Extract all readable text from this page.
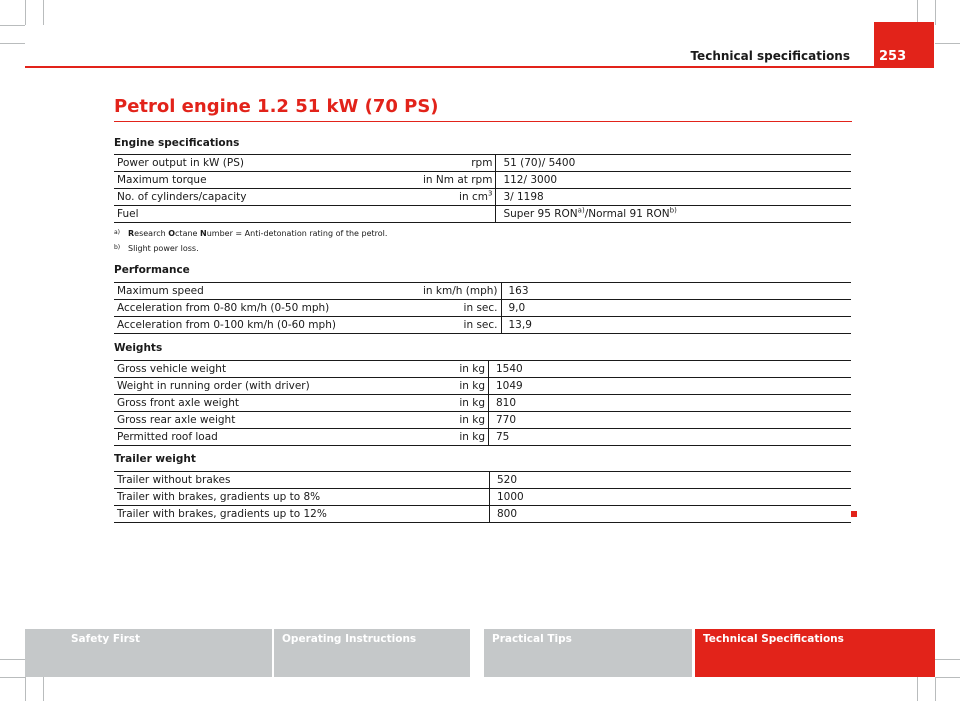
Technical specifications	253
Petrol engine 1.2 51 kW (70 PS)
Engine specifications
Power output in kW (PS)	rpm	51 (70)/ 5400
Maximum torque	in Nm at rpm	112/ 3000
No. of cylinders/capacity	in $cm^3$	3/ 1198
Fuel		Super 95 RON$^{a)}$/Normal 91 RON$^{b)}$
a) Research Octane Number = Anti-detonation rating of the petrol.
b) Slight power loss.
Performance
Maximum speed	in km/h (mph)	163
Acceleration from 0-80 km/h (0-50 mph)	in sec.	9,0
Acceleration from 0-100 km/h (0-60 mph)	in sec.	13,9
Weights
Gross vehicle weight	in kg	1540
Weight in running order (with driver)	in kg	1049
Gross front axle weight	in kg	810
Gross rear axle weight	in kg	770
Permitted roof load	in kg	75
Trailer weight
Trailer without brakes	520
Trailer with brakes, gradients up to 8%	1000
Trailer with brakes, gradients up to 12%	800
Safety First	Operating Instructions	Practical Tips	Technical Specifications
